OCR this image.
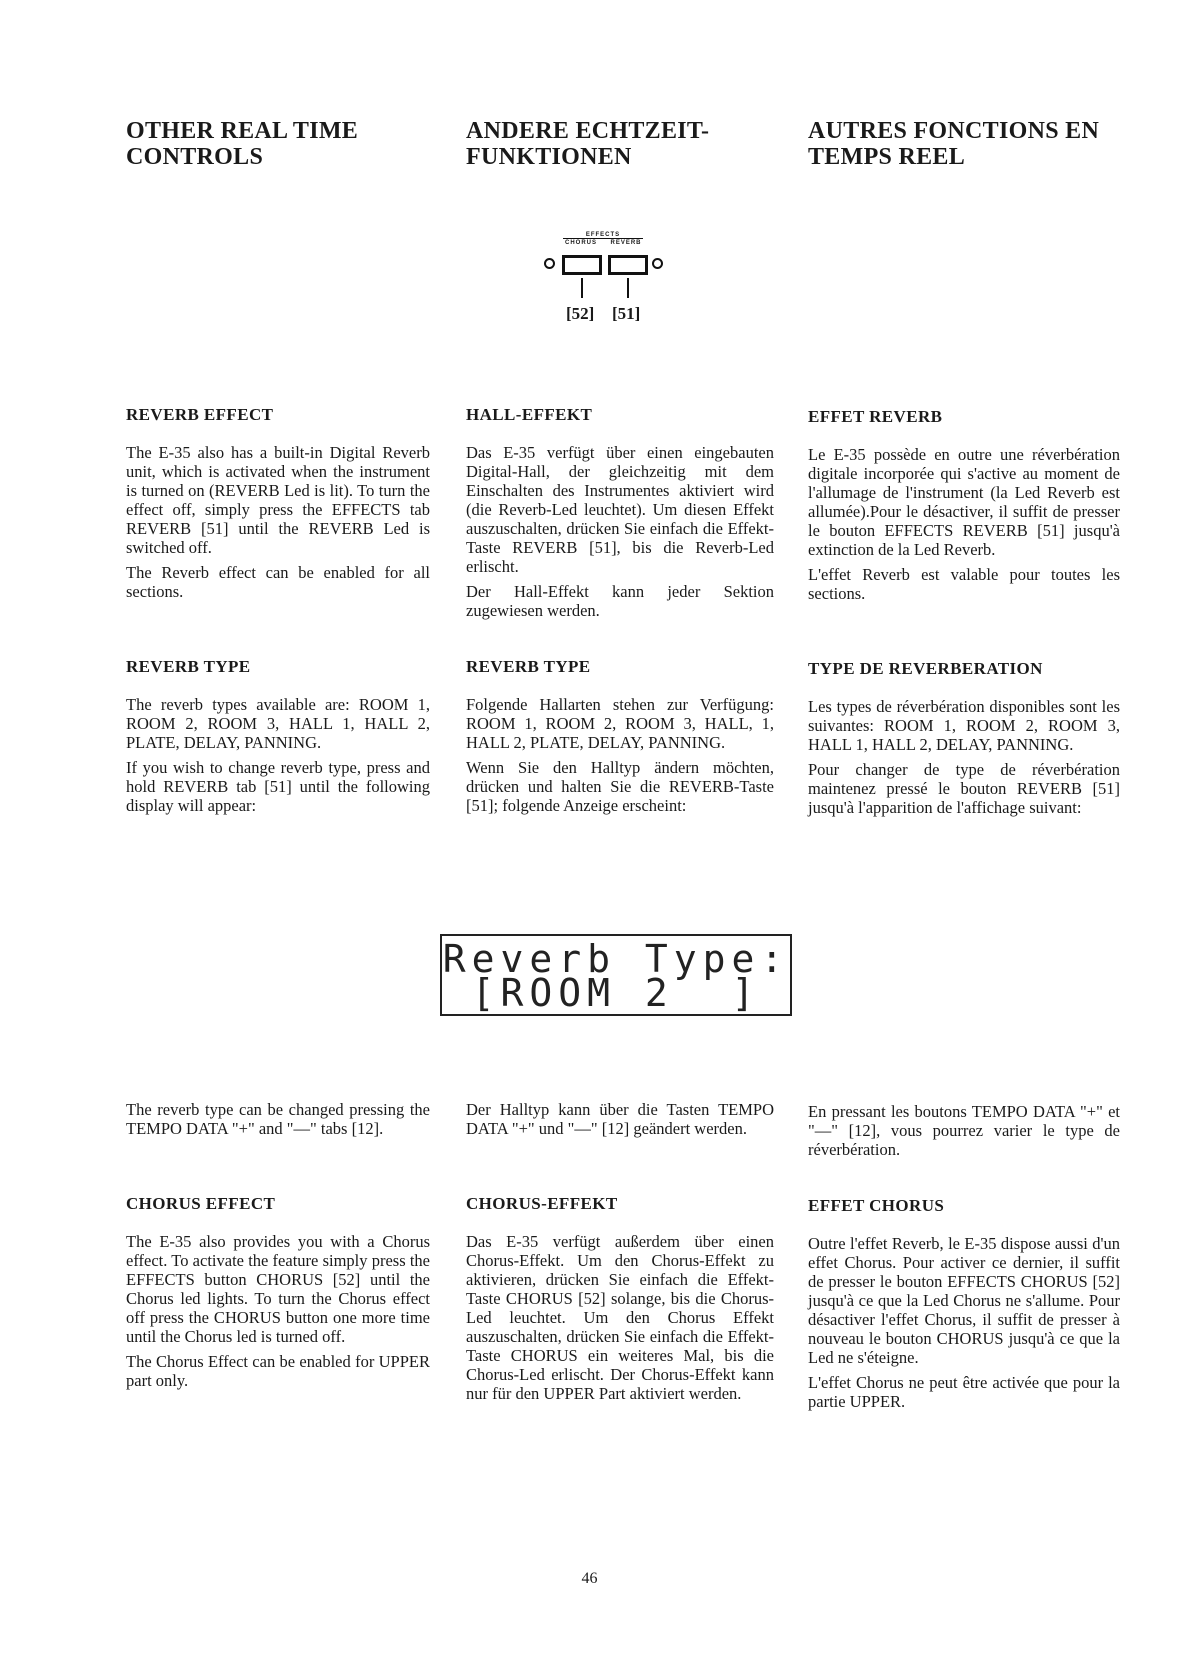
OTHER REAL TIME CONTROLS
ANDERE ECHTZEIT-FUNKTIONEN
AUTRES FONCTIONS EN TEMPS REEL
EFFECTS
CHORUS	REVERB
[52] [51]
REVERB EFFECT

The E-35 also has a built-in Digital Reverb unit, which is activated when the instrument is turned on (REVERB Led is lit). To turn the effect off, simply press the EFFECTS tab REVERB [51] until the REVERB Led is switched off.

The Reverb effect can be enabled for all sections.

HALL-EFFEKT

Das E-35 verfügt über einen eingebauten Digital-Hall, der gleichzeitig mit dem Einschalten des Instrumentes aktiviert wird (die Reverb-Led leuchtet). Um diesen Effekt auszuschalten, drücken Sie einfach die Effekt-Taste REVERB [51], bis die Reverb-Led erlischt.

Der Hall-Effekt kann jeder Sektion zugewiesen werden.

EFFET REVERB

Le E-35 possède en outre une réverbération digitale incorporée qui s'active au moment de l'allumage de l'instrument (la Led Reverb est allumée).Pour le désactiver, il suffit de presser le bouton EFFECTS REVERB [51] jusqu'à extinction de la Led Reverb.

L'effet Reverb est valable pour toutes les sections.

REVERB TYPE

The reverb types available are: ROOM 1, ROOM 2, ROOM 3, HALL 1, HALL 2, PLATE, DELAY, PANNING.

If you wish to change reverb type, press and hold REVERB tab [51] until the following display will appear:

REVERB TYPE

Folgende Hallarten stehen zur Verfügung: ROOM 1, ROOM 2, ROOM 3, HALL, 1, HALL 2, PLATE, DELAY, PANNING.

Wenn Sie den Halltyp ändern möchten, drücken und halten Sie die REVERB-Taste [51]; folgende Anzeige erscheint:

TYPE DE REVERBERATION

Les types de réverbération disponibles sont les suivantes: ROOM 1, ROOM 2, ROOM 3, HALL 1, HALL 2, DELAY, PANNING.

Pour changer de type de réverbération maintenez pressé le bouton REVERB [51] jusqu'à l'apparition de l'affichage suivant:

Reverb Type:
[ROOM 2  ]

The reverb type can be changed pressing the TEMPO DATA "+" and "—" tabs [12].

Der Halltyp kann über die Tasten TEMPO DATA "+" und "—" [12] geändert werden.

En pressant les boutons TEMPO DATA "+" et "—" [12], vous pourrez varier le type de réverbération.

CHORUS EFFECT

The E-35 also provides you with a Chorus effect. To activate the feature simply press the EFFECTS button CHORUS [52] until the Chorus led lights. To turn the Chorus effect off press the CHORUS button one more time until the Chorus led is turned off.

The Chorus Effect can be enabled for UPPER part only.

CHORUS-EFFEKT

Das E-35 verfügt außerdem über einen Chorus-Effekt. Um den Chorus-Effekt zu aktivieren, drücken Sie einfach die Effekt-Taste CHORUS [52] solange, bis die Chorus-Led leuchtet. Um den Chorus Effekt auszuschalten, drücken Sie einfach die Effekt-Taste CHORUS ein weiteres Mal, bis die Chorus-Led erlischt. Der Chorus-Effekt kann nur für den UPPER Part aktiviert werden.

EFFET CHORUS

Outre l'effet Reverb, le E-35 dispose aussi d'un effet Chorus. Pour activer ce dernier, il suffit de presser le bouton EFFECTS CHORUS [52] jusqu'à ce que la Led Chorus ne s'allume. Pour désactiver l'effet Chorus, il suffit de presser à nouveau le bouton CHORUS jusqu'à ce que la Led ne s'éteigne.

L'effet Chorus ne peut être activée que pour la partie UPPER.

46
